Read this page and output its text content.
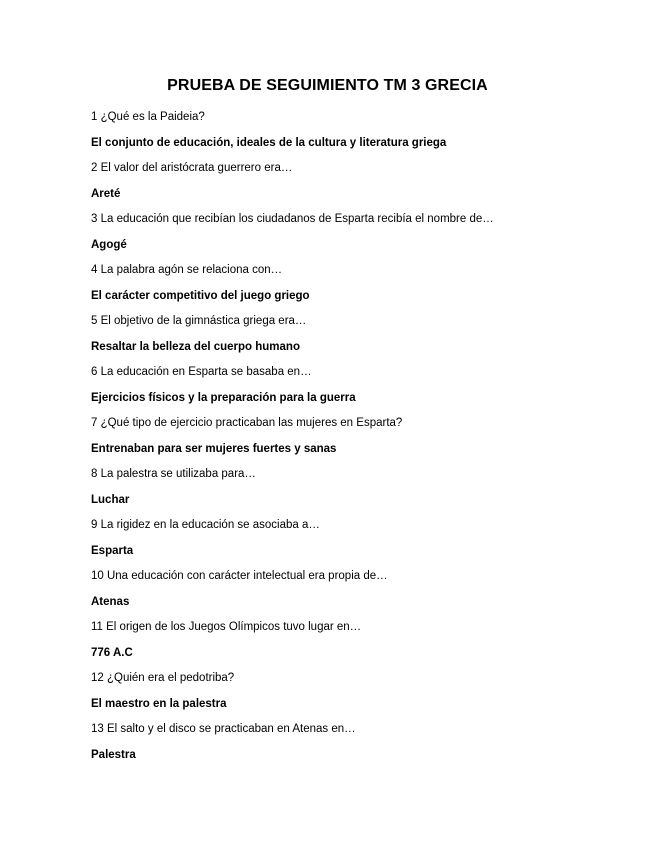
PRUEBA DE SEGUIMIENTO TM 3 GRECIA
1 ¿Qué es la Paideia?
El conjunto de educación, ideales de la cultura y literatura griega
2 El valor del aristócrata guerrero era…
Areté
3 La educación que recibían los ciudadanos de Esparta recibía el nombre de…
Agogé
4 La palabra agón se relaciona con…
El carácter competitivo del juego griego
5 El objetivo de la gimnástica griega era…
Resaltar la belleza del cuerpo humano
6 La educación en Esparta se basaba en…
Ejercicios físicos y la preparación para la guerra
7 ¿Qué tipo de ejercicio practicaban las mujeres en Esparta?
Entrenaban para ser mujeres fuertes y sanas
8 La palestra se utilizaba para…
Luchar
9 La rigidez en la educación se asociaba a…
Esparta
10 Una educación con carácter intelectual era propia de…
Atenas
11 El origen de los Juegos Olímpicos tuvo lugar en…
776 A.C
12 ¿Quién era el pedotriba?
El maestro en la palestra
13 El salto y el disco se practicaban en Atenas en…
Palestra
